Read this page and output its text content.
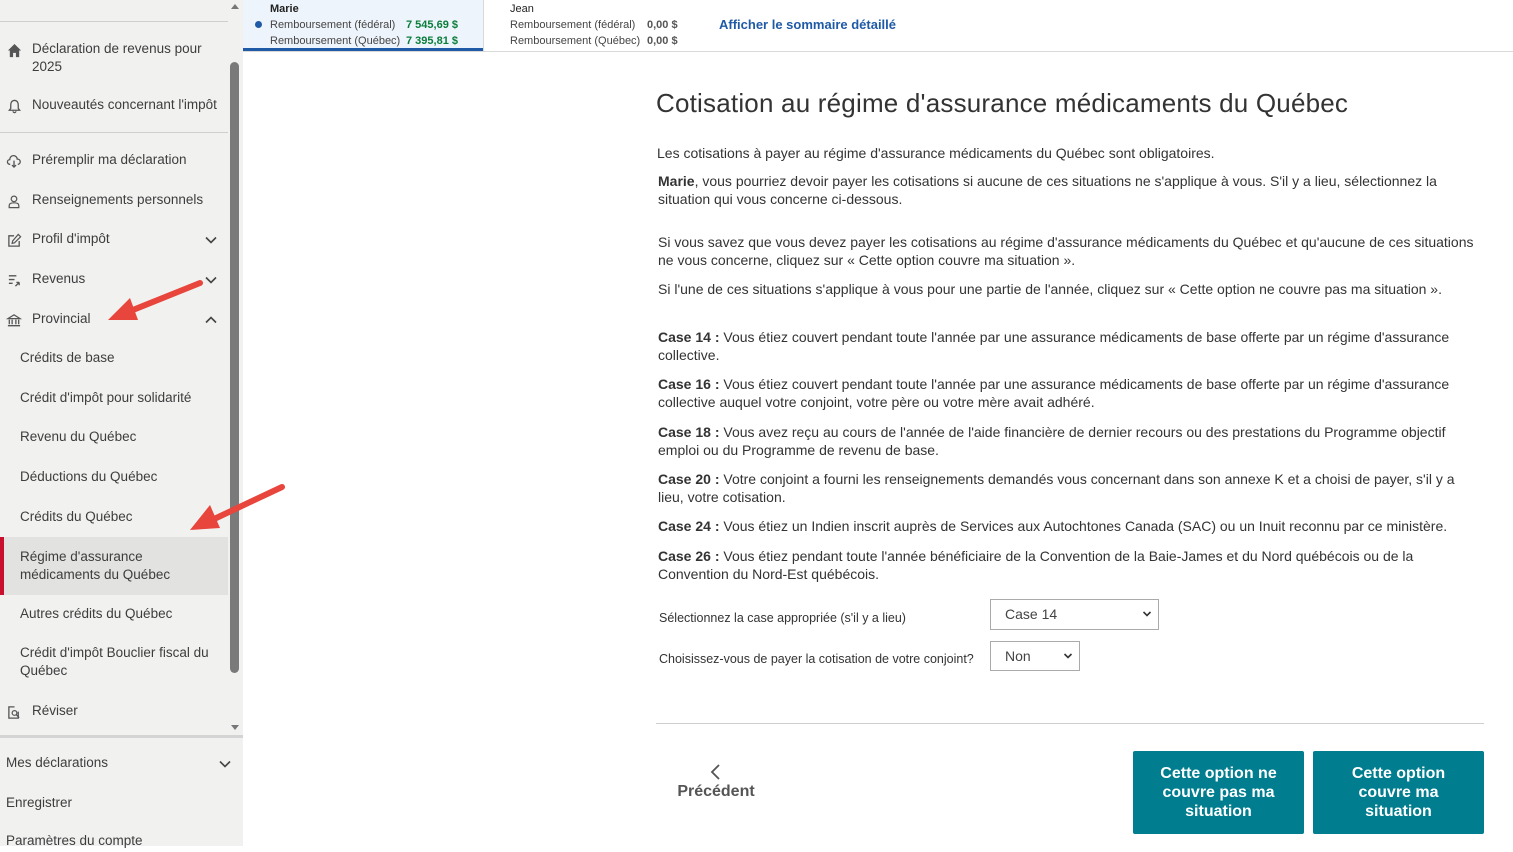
Déclaration de revenus pour 2025
Nouveautés concernant l'impôt
Préremplir ma déclaration
Renseignements personnels
Profil d'impôt
Revenus
Provincial
Crédits de base
Crédit d'impôt pour solidarité
Revenu du Québec
Déductions du Québec
Crédits du Québec
Régime d'assurance médicaments du Québec
Autres crédits du Québec
Crédit d'impôt Bouclier fiscal du Québec
Réviser
Mes déclarations
Enregistrer
Paramètres du compte
Marie
Remboursement (fédéral) 7 545,69 $
Remboursement (Québec) 7 395,81 $
Jean
Remboursement (fédéral) 0,00 $
Remboursement (Québec) 0,00 $
Afficher le sommaire détaillé
Cotisation au régime d'assurance médicaments du Québec

Les cotisations à payer au régime d'assurance médicaments du Québec sont obligatoires.

Marie, vous pourriez devoir payer les cotisations si aucune de ces situations ne s'applique à vous. S'il y a lieu, sélectionnez la situation qui vous concerne ci-dessous.

Si vous savez que vous devez payer les cotisations au régime d'assurance médicaments du Québec et qu'aucune de ces situations ne vous concerne, cliquez sur « Cette option couvre ma situation ».

Si l'une de ces situations s'applique à vous pour une partie de l'année, cliquez sur « Cette option ne couvre pas ma situation ».

Case 14 : Vous étiez couvert pendant toute l'année par une assurance médicaments de base offerte par un régime d'assurance collective.

Case 16 : Vous étiez couvert pendant toute l'année par une assurance médicaments de base offerte par un régime d'assurance collective auquel votre conjoint, votre père ou votre mère avait adhéré.

Case 18 : Vous avez reçu au cours de l'année de l'aide financière de dernier recours ou des prestations du Programme objectif emploi ou du Programme de revenu de base.

Case 20 : Votre conjoint a fourni les renseignements demandés vous concernant dans son annexe K et a choisi de payer, s'il y a lieu, votre cotisation.

Case 24 : Vous étiez un Indien inscrit auprès de Services aux Autochtones Canada (SAC) ou un Inuit reconnu par ce ministère.

Case 26 : Vous étiez pendant toute l'année bénéficiaire de la Convention de la Baie-James et du Nord québécois ou de la Convention du Nord-Est québécois.

Sélectionnez la case appropriée (s'il y a lieu)	Case 14
Choisissez-vous de payer la cotisation de votre conjoint?	Non
Précédent
Cette option ne couvre pas ma situation
Cette option couvre ma situation
